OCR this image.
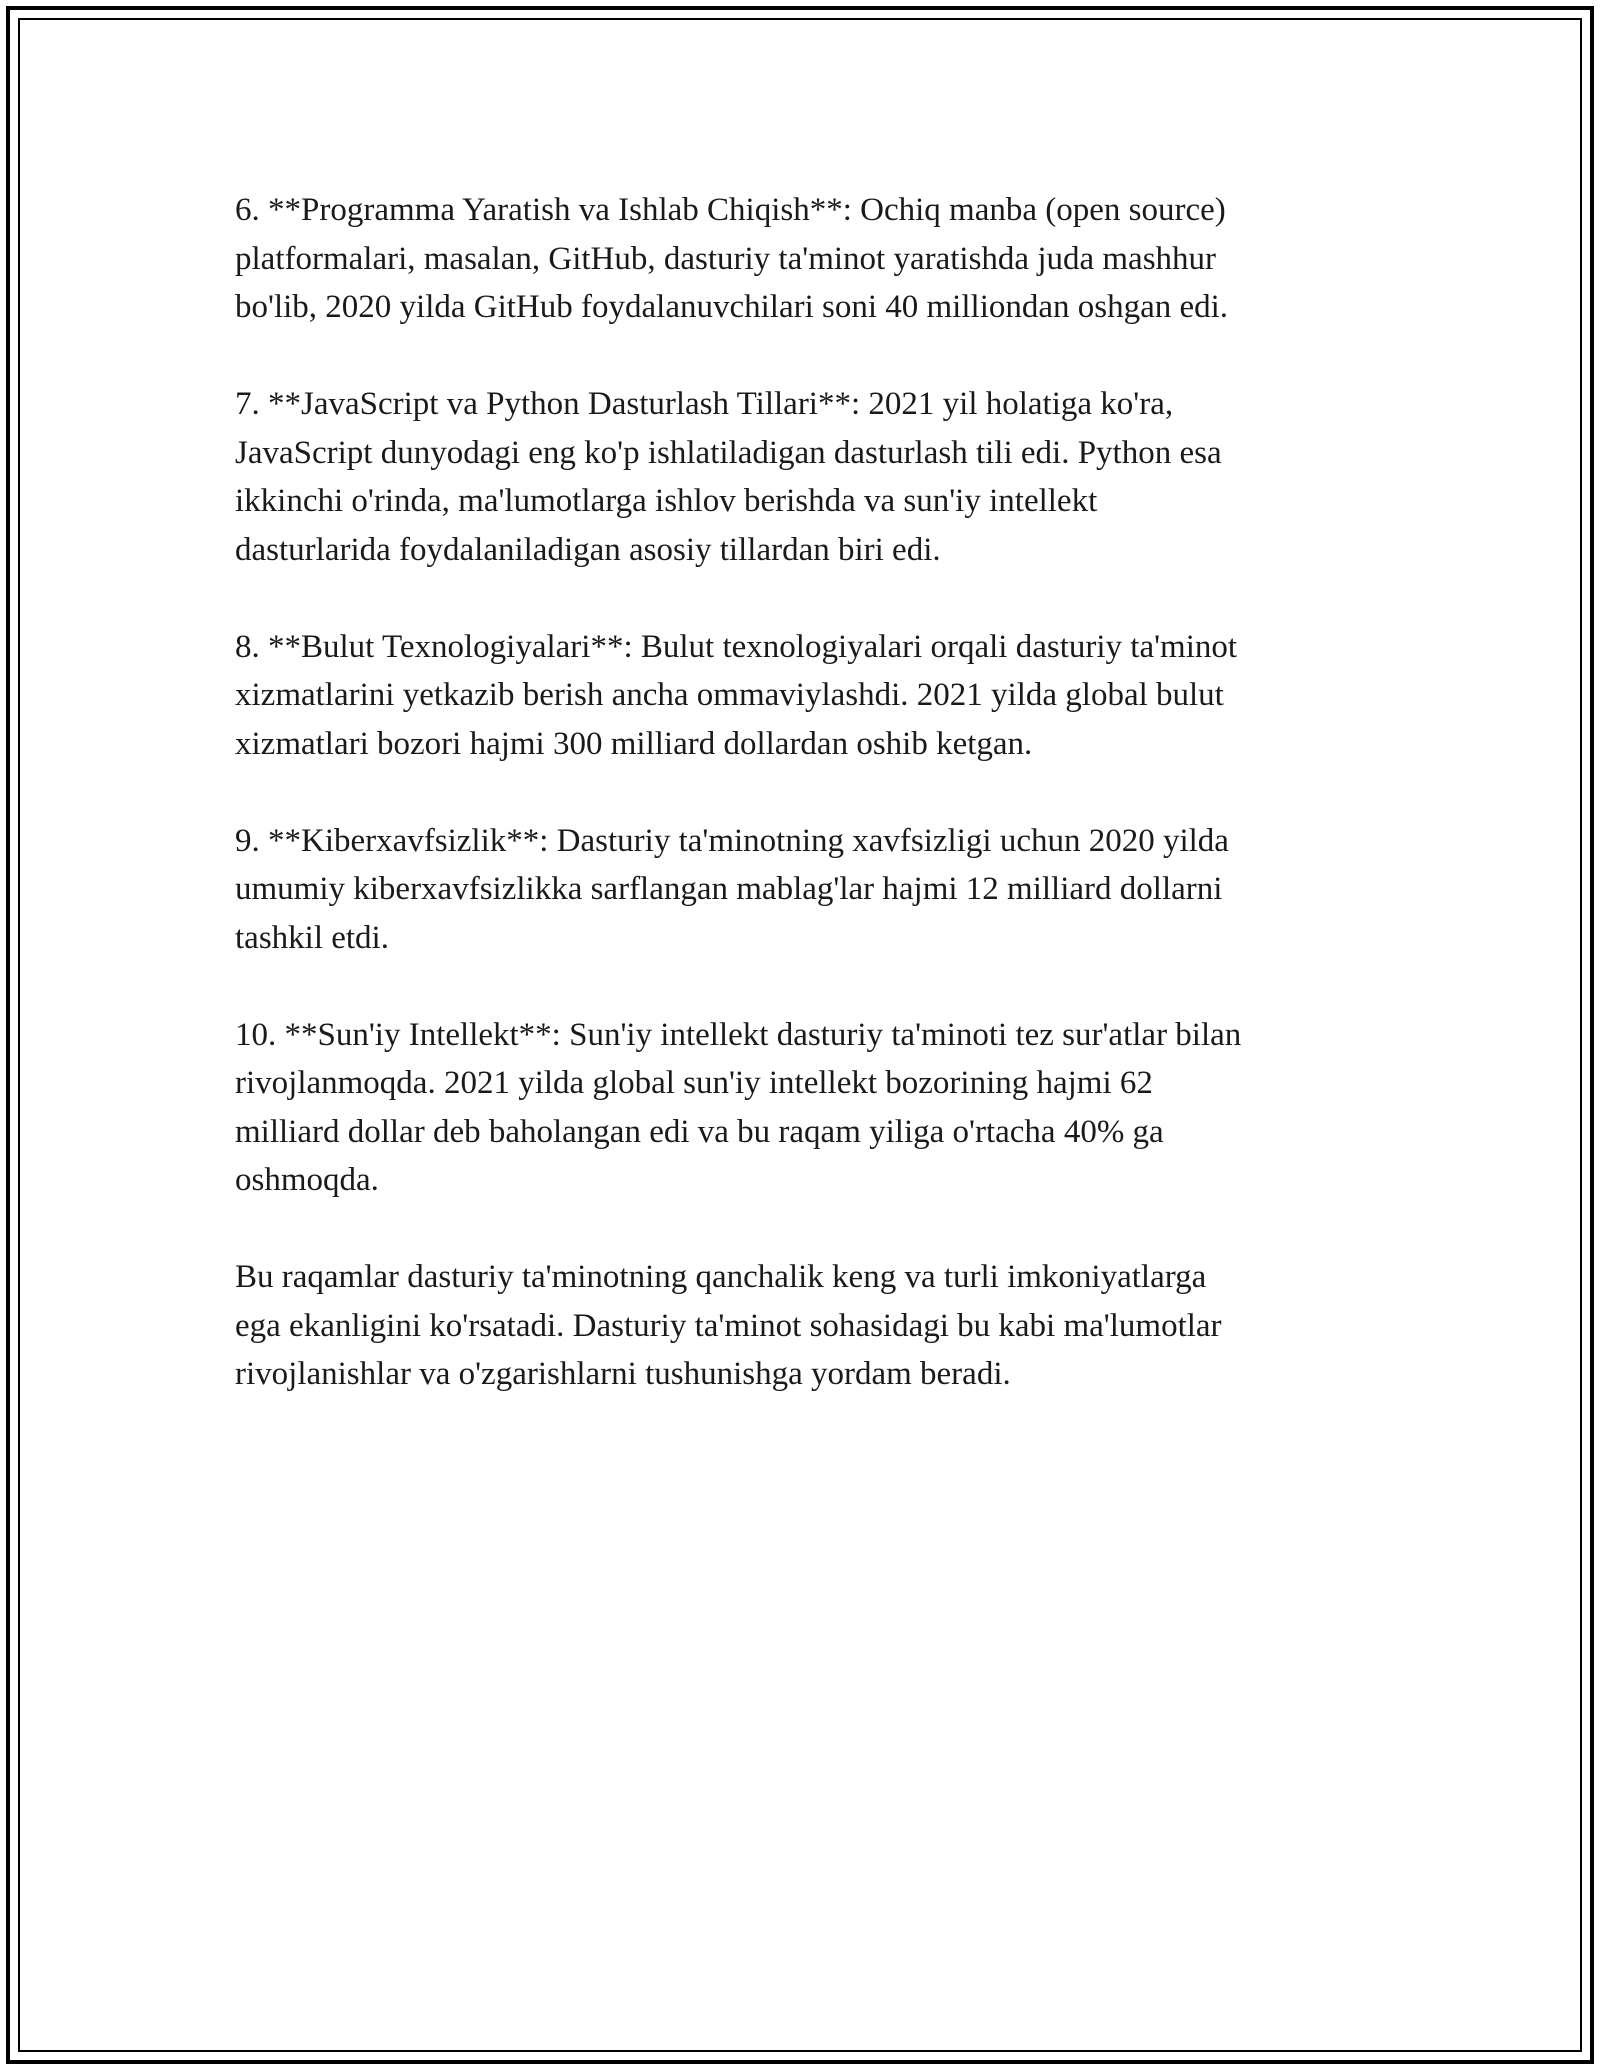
6. **Programma Yaratish va Ishlab Chiqish**: Ochiq manba (open source)
platformalari, masalan, GitHub, dasturiy ta'minot yaratishda juda mashhur
bo'lib, 2020 yilda GitHub foydalanuvchilari soni 40 milliondan oshgan edi.

7. **JavaScript va Python Dasturlash Tillari**: 2021 yil holatiga ko'ra,
JavaScript dunyodagi eng ko'p ishlatiladigan dasturlash tili edi. Python esa
ikkinchi o'rinda, ma'lumotlarga ishlov berishda va sun'iy intellekt
dasturlarida foydalaniladigan asosiy tillardan biri edi.

8. **Bulut Texnologiyalari**: Bulut texnologiyalari orqali dasturiy ta'minot
xizmatlarini yetkazib berish ancha ommaviylashdi. 2021 yilda global bulut
xizmatlari bozori hajmi 300 milliard dollardan oshib ketgan.

9. **Kiberxavfsizlik**: Dasturiy ta'minotning xavfsizligi uchun 2020 yilda
umumiy kiberxavfsizlikka sarflangan mablag'lar hajmi 12 milliard dollarni
tashkil etdi.

10. **Sun'iy Intellekt**: Sun'iy intellekt dasturiy ta'minoti tez sur'atlar bilan
rivojlanmoqda. 2021 yilda global sun'iy intellekt bozorining hajmi 62
milliard dollar deb baholangan edi va bu raqam yiliga o'rtacha 40% ga
oshmoqda.

Bu raqamlar dasturiy ta'minotning qanchalik keng va turli imkoniyatlarga
ega ekanligini ko'rsatadi. Dasturiy ta'minot sohasidagi bu kabi ma'lumotlar
rivojlanishlar va o'zgarishlarni tushunishga yordam beradi.
